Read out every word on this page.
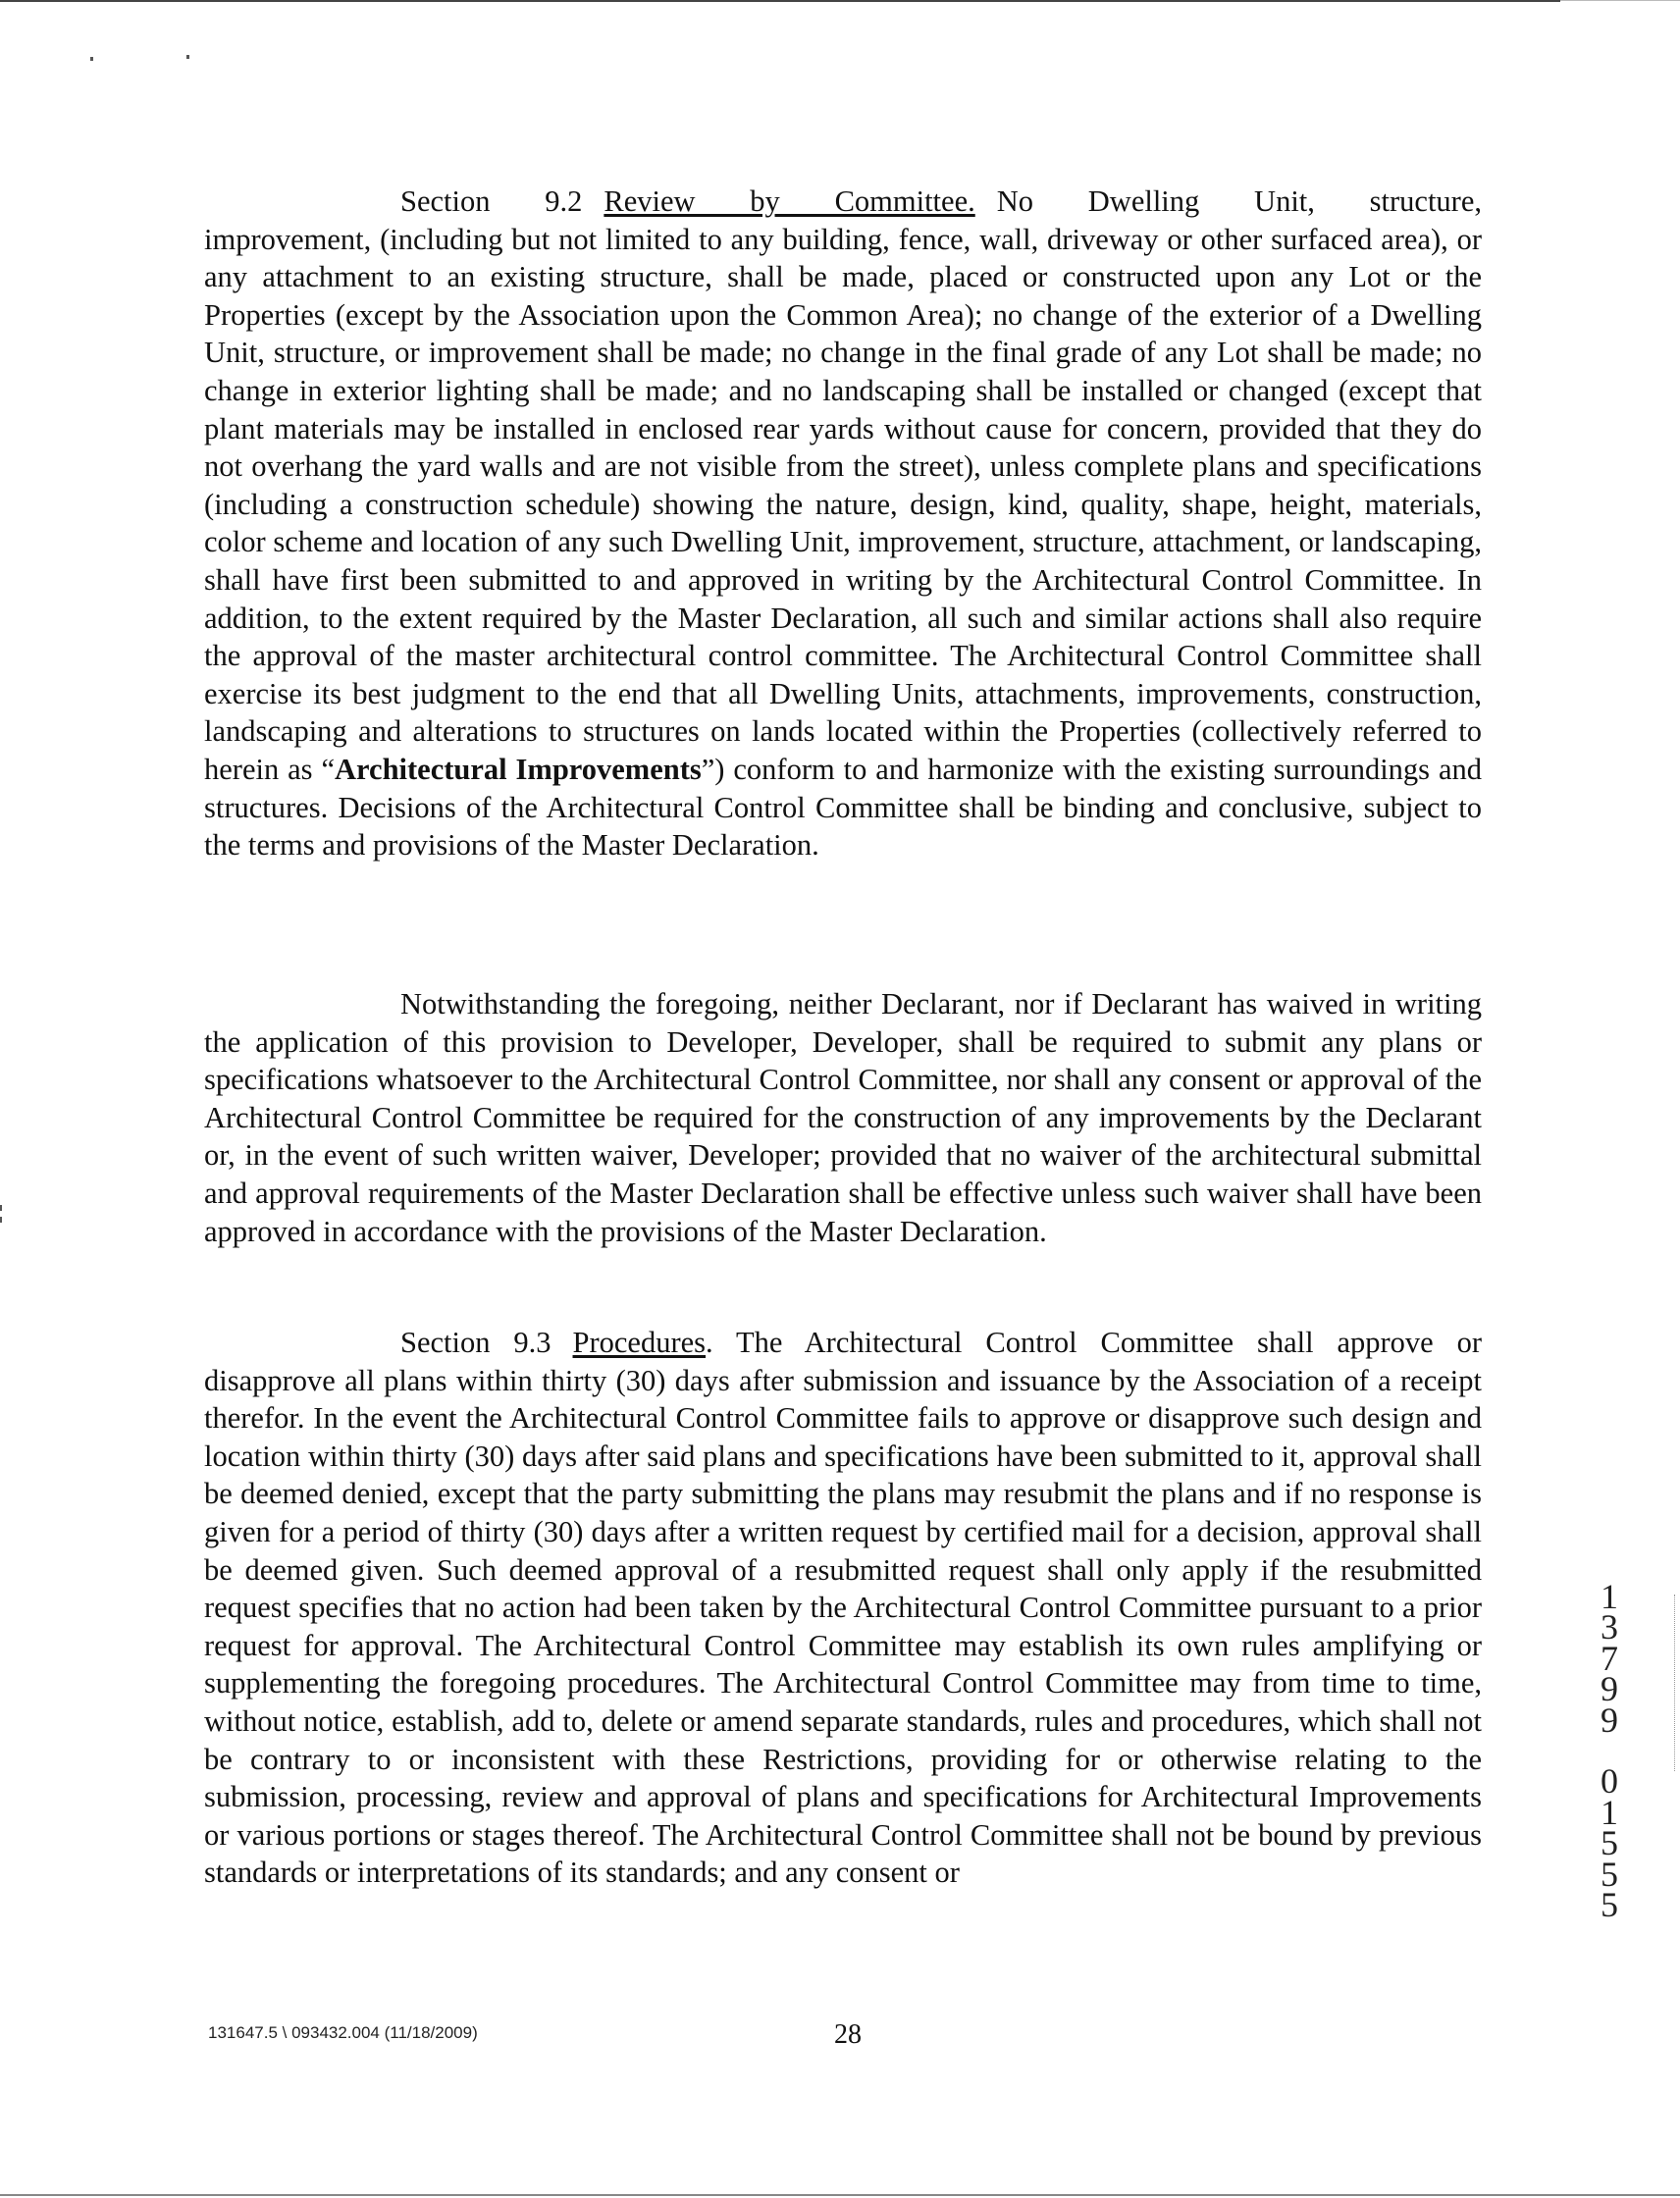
Section 9.2 Review by Committee. No Dwelling Unit, structure, improvement, (including but not limited to any building, fence, wall, driveway or other surfaced area), or any attachment to an existing structure, shall be made, placed or constructed upon any Lot or the Properties (except by the Association upon the Common Area); no change of the exterior of a Dwelling Unit, structure, or improvement shall be made; no change in the final grade of any Lot shall be made; no change in exterior lighting shall be made; and no landscaping shall be installed or changed (except that plant materials may be installed in enclosed rear yards without cause for concern, provided that they do not overhang the yard walls and are not visible from the street), unless complete plans and specifications (including a construction schedule) showing the nature, design, kind, quality, shape, height, materials, color scheme and location of any such Dwelling Unit, improvement, structure, attachment, or landscaping, shall have first been submitted to and approved in writing by the Architectural Control Committee. In addition, to the extent required by the Master Declaration, all such and similar actions shall also require the approval of the master architectural control committee. The Architectural Control Committee shall exercise its best judgment to the end that all Dwelling Units, attachments, improvements, construction, landscaping and alterations to structures on lands located within the Properties (collectively referred to herein as “Architectural Improvements”) conform to and harmonize with the existing surroundings and structures. Decisions of the Architectural Control Committee shall be binding and conclusive, subject to the terms and provisions of the Master Declaration.
Notwithstanding the foregoing, neither Declarant, nor if Declarant has waived in writing the application of this provision to Developer, Developer, shall be required to submit any plans or specifications whatsoever to the Architectural Control Committee, nor shall any consent or approval of the Architectural Control Committee be required for the construction of any improvements by the Declarant or, in the event of such written waiver, Developer; provided that no waiver of the architectural submittal and approval requirements of the Master Declaration shall be effective unless such waiver shall have been approved in accordance with the provisions of the Master Declaration.
Section 9.3 Procedures. The Architectural Control Committee shall approve or disapprove all plans within thirty (30) days after submission and issuance by the Association of a receipt therefor. In the event the Architectural Control Committee fails to approve or disapprove such design and location within thirty (30) days after said plans and specifications have been submitted to it, approval shall be deemed denied, except that the party submitting the plans may resubmit the plans and if no response is given for a period of thirty (30) days after a written request by certified mail for a decision, approval shall be deemed given. Such deemed approval of a resubmitted request shall only apply if the resubmitted request specifies that no action had been taken by the Architectural Control Committee pursuant to a prior request for approval. The Architectural Control Committee may establish its own rules amplifying or supplementing the foregoing procedures. The Architectural Control Committee may from time to time, without notice, establish, add to, delete or amend separate standards, rules and procedures, which shall not be contrary to or inconsistent with these Restrictions, providing for or otherwise relating to the submission, processing, review and approval of plans and specifications for Architectural Improvements or various portions or stages thereof. The Architectural Control Committee shall not be bound by previous standards or interpretations of its standards; and any consent or
1
3
7
9
9
0
1
5
5
5
131647.5 \ 093432.004 (11/18/2009)	28
